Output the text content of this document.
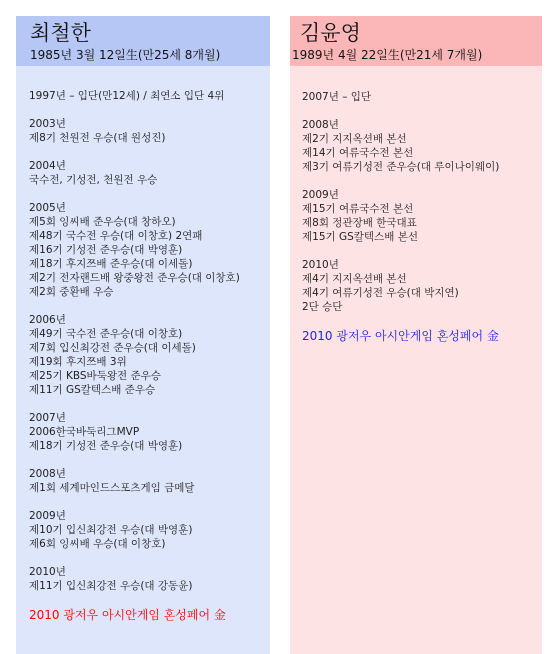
최철한
1985년 3월 12일生(만25세 8개월)
1997년 – 입단(만12세) / 최연소 입단 4위
2003년
제8기 천원전 우승(대 원성진)
2004년
국수전, 기성전, 천원전 우승
2005년
제5회 잉씨배 준우승(대 창하오)
제48기 국수전 우승(대 이창호) 2연패
제16기 기성전 준우승(대 박영훈)
제18기 후지쯔배 준우승(대 이세돌)
제2기 전자랜드배 왕중왕전 준우승(대 이창호)
제2회 중환배 우승
2006년
제49기 국수전 준우승(대 이창호)
제7회 입신최강전 준우승(대 이세돌)
제19회 후지쯔배 3위
제25기 KBS바둑왕전 준우승
제11기 GS칼텍스배 준우승
2007년
2006한국바둑리그MVP
제18기 기성전 준우승(대 박영훈)
2008년
제1회 세계마인드스포츠게임 금메달
2009년
제10기 입신최강전 우승(대 박영훈)
제6회 잉씨배 우승(대 이창호)
2010년
제11기 입신최강전 우승(대 강동윤)
2010 광저우 아시안게임 혼성페어 金
김윤영
1989년 4월 22일生(만21세 7개월)
2007년 – 입단
2008년
제2기 지지옥션배 본선
제14기 여류국수전 본선
제3기 여류기성전 준우승(대 루이나이웨이)
2009년
제15기 여류국수전 본선
제8회 정관장배 한국대표
제15기 GS칼텍스배 본선
2010년
제4기 지지옥션배 본선
제4기 여류기성전 우승(대 박지연)
2단 승단
2010 광저우 아시안게임 혼성페어 金
